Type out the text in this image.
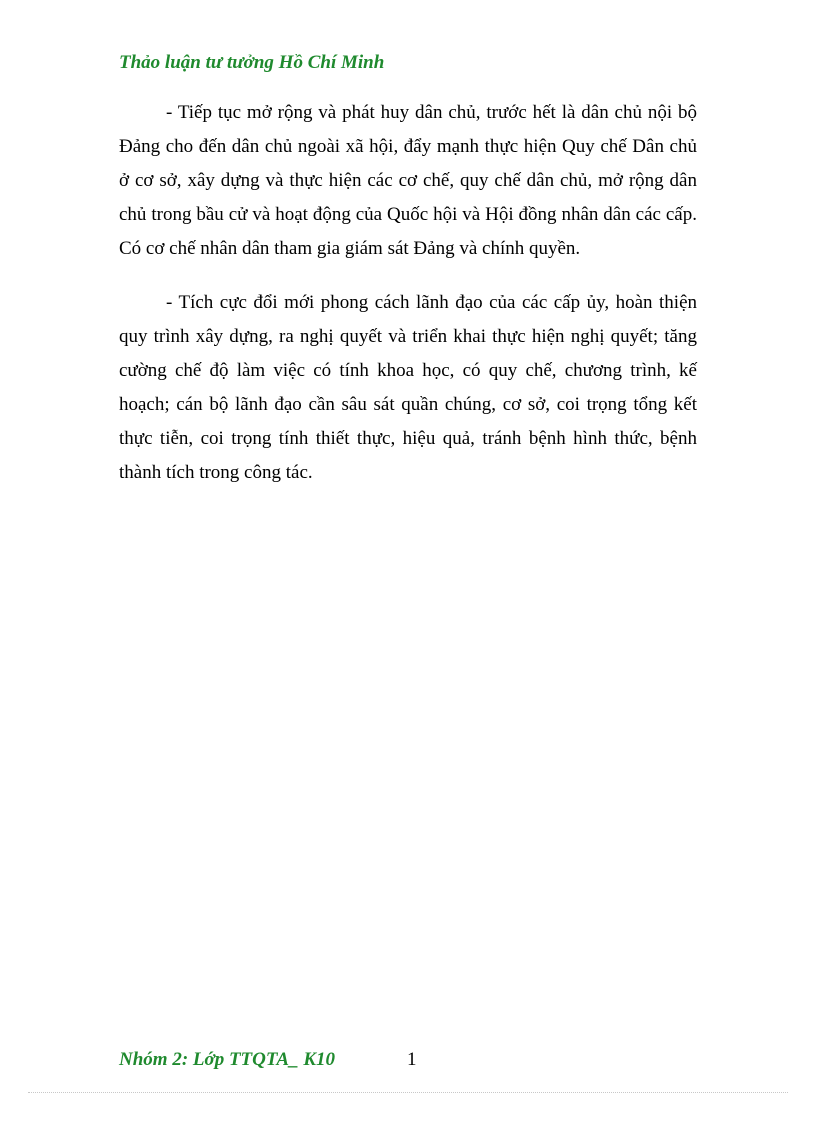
Thảo luận tư tưởng Hồ Chí Minh

- Tiếp tục mở rộng và phát huy dân chủ, trước hết là dân chủ nội bộ Đảng cho đến dân chủ ngoài xã hội, đẩy mạnh thực hiện Quy chế Dân chủ ở cơ sở, xây dựng và thực hiện các cơ chế, quy chế dân chủ, mở rộng dân chủ trong bầu cử và hoạt động của Quốc hội và Hội đồng nhân dân các cấp. Có cơ chế nhân dân tham gia giám sát Đảng và chính quyền.

- Tích cực đổi mới phong cách lãnh đạo của các cấp ủy, hoàn thiện quy trình xây dựng, ra nghị quyết và triển khai thực hiện nghị quyết; tăng cường chế độ làm việc có tính khoa học, có quy chế, chương trình, kế hoạch; cán bộ lãnh đạo cần sâu sát quần chúng, cơ sở, coi trọng tổng kết thực tiễn, coi trọng tính thiết thực, hiệu quả, tránh bệnh hình thức, bệnh thành tích trong công tác.

Nhóm 2: Lớp TTQTA_ K10	1
